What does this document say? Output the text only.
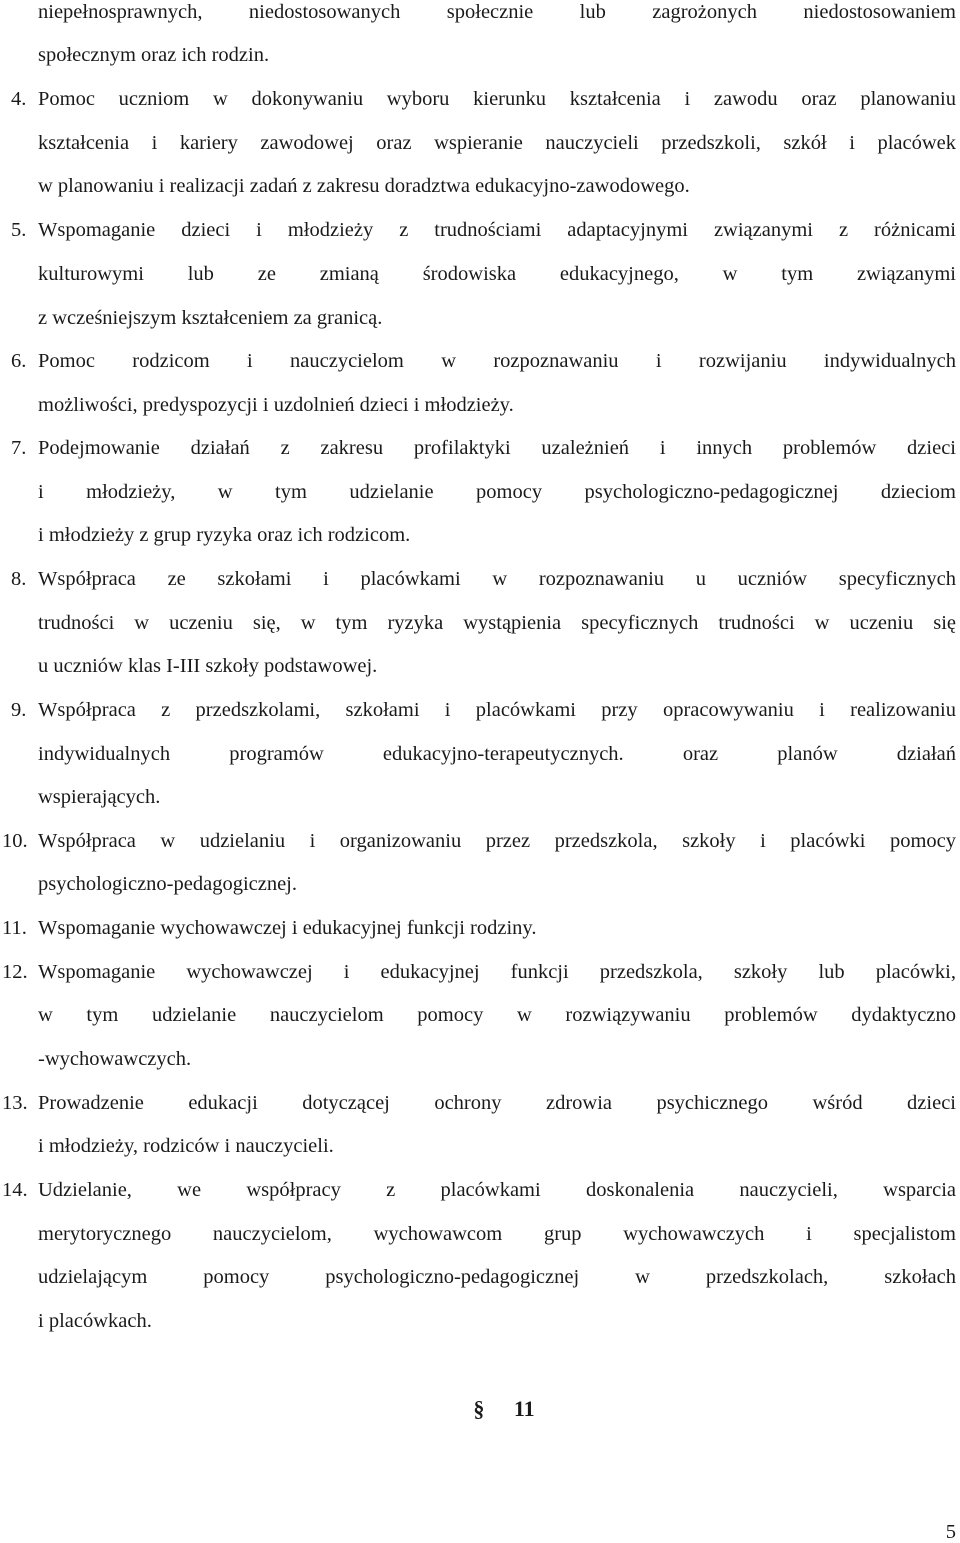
niepełnosprawnych, niedostosowanych społecznie lub zagrożonych niedostosowaniem
społecznym oraz ich rodzin.
4. Pomoc uczniom w dokonywaniu wyboru kierunku kształcenia i zawodu oraz planowaniu
kształcenia i kariery zawodowej oraz wspieranie nauczycieli przedszkoli, szkół i placówek
w planowaniu i realizacji zadań z zakresu doradztwa edukacyjno-zawodowego.
5. Wspomaganie dzieci i młodzieży z trudnościami adaptacyjnymi związanymi z różnicami
kulturowymi lub ze zmianą środowiska edukacyjnego, w tym związanymi
z wcześniejszym kształceniem za granicą.
6. Pomoc rodzicom i nauczycielom w rozpoznawaniu i rozwijaniu indywidualnych
możliwości, predyspozycji i uzdolnień dzieci i młodzieży.
7. Podejmowanie działań z zakresu profilaktyki uzależnień i innych problemów dzieci
i młodzieży, w tym udzielanie pomocy psychologiczno-pedagogicznej dzieciom
i młodzieży z grup ryzyka oraz ich rodzicom.
8. Współpraca ze szkołami i placówkami w rozpoznawaniu u uczniów specyficznych
trudności w uczeniu się, w tym ryzyka wystąpienia specyficznych trudności w uczeniu się
u uczniów klas I-III szkoły podstawowej.
9. Współpraca z przedszkolami, szkołami i placówkami przy opracowywaniu i realizowaniu
indywidualnych programów edukacyjno-terapeutycznych. oraz planów działań
wspierających.
10. Współpraca w udzielaniu i organizowaniu przez przedszkola, szkoły i placówki pomocy
psychologiczno-pedagogicznej.
11. Wspomaganie wychowawczej i edukacyjnej funkcji rodziny.
12. Wspomaganie wychowawczej i edukacyjnej funkcji przedszkola, szkoły lub placówki,
w tym udzielanie nauczycielom pomocy w rozwiązywaniu problemów dydaktyczno
-wychowawczych.
13. Prowadzenie edukacji dotyczącej ochrony zdrowia psychicznego wśród dzieci
i młodzieży, rodziców i nauczycieli.
14. Udzielanie, we współpracy z placówkami doskonalenia nauczycieli, wsparcia
merytorycznego nauczycielom, wychowawcom grup wychowawczych i specjalistom
udzielającym pomocy psychologiczno-pedagogicznej w przedszkolach, szkołach
i placówkach.
§ 11
5
